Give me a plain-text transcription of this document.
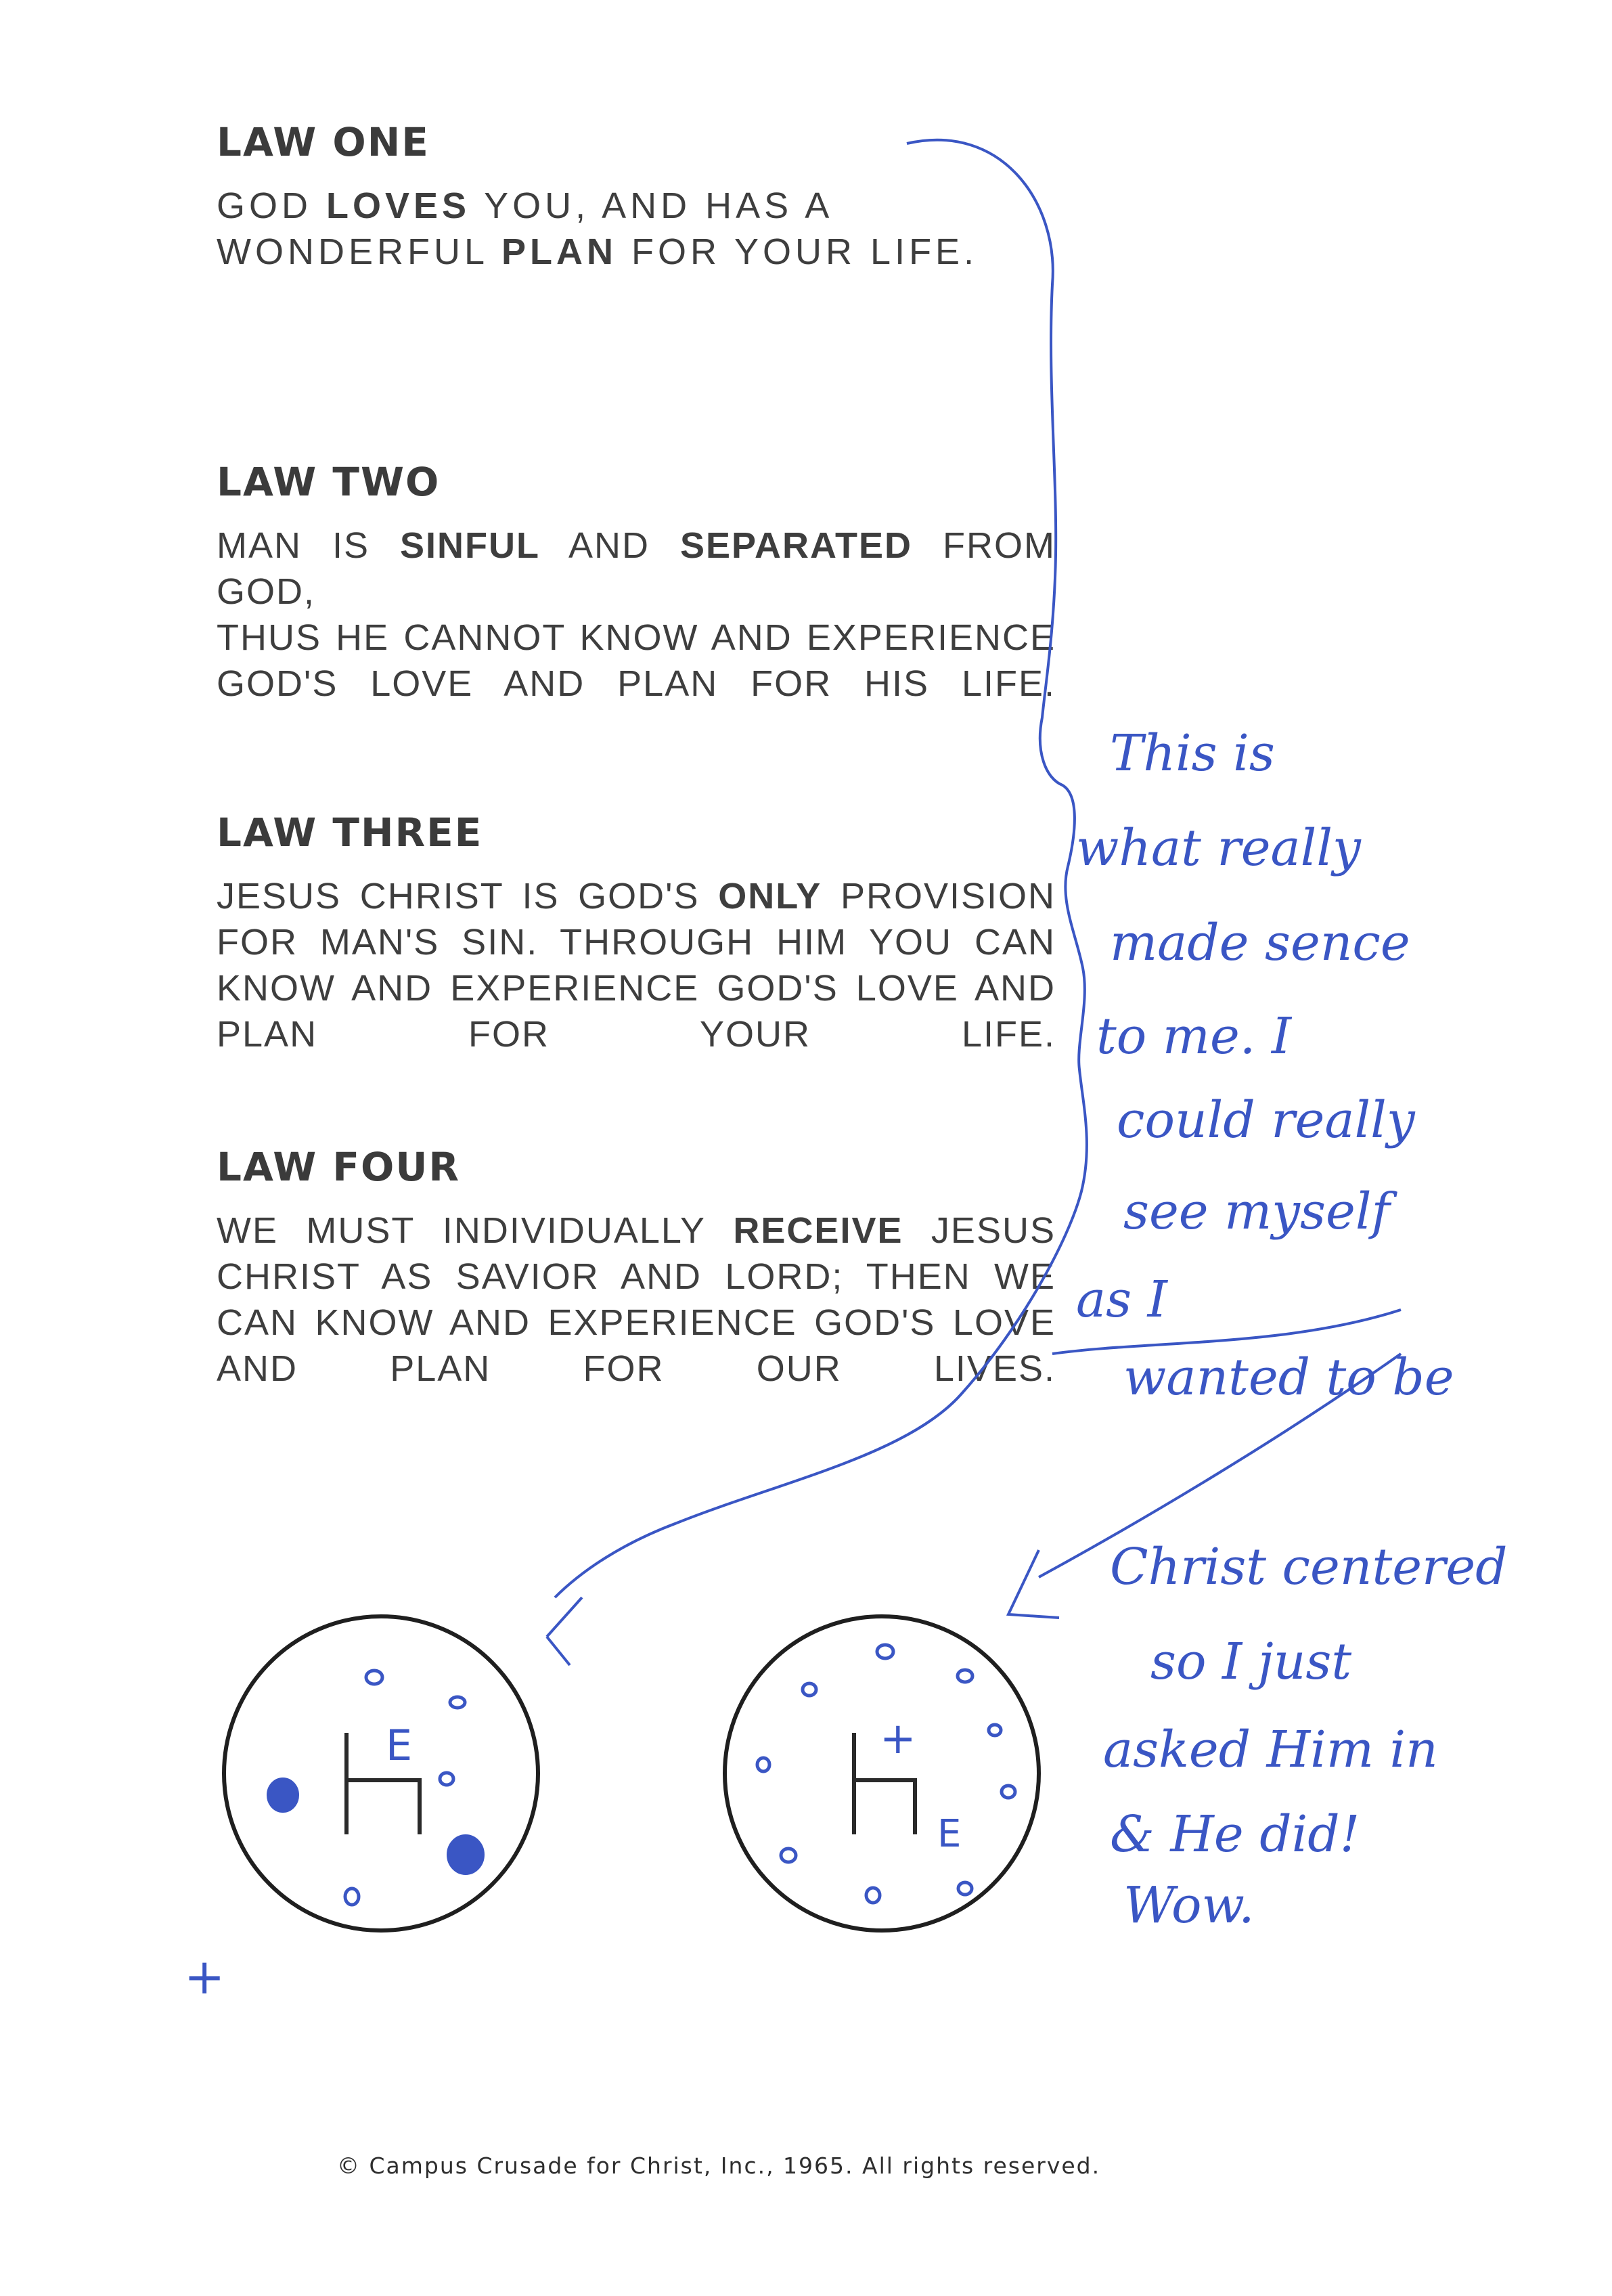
LAW ONE
GOD LOVES YOU, AND HAS A
WONDERFUL PLAN FOR YOUR LIFE.
LAW TWO
MAN IS SINFUL AND SEPARATED FROM GOD,
THUS HE CANNOT KNOW AND EXPERIENCE
GOD'S LOVE AND PLAN FOR HIS LIFE.
LAW THREE
JESUS CHRIST IS GOD'S ONLY PROVISION
FOR MAN'S SIN. THROUGH HIM YOU CAN
KNOW AND EXPERIENCE GOD'S LOVE AND
PLAN FOR YOUR LIFE.
LAW FOUR
WE MUST INDIVIDUALLY RECEIVE JESUS
CHRIST AS SAVIOR AND LORD; THEN WE
CAN KNOW AND EXPERIENCE GOD'S LOVE
AND PLAN FOR OUR LIVES.
This is
what really
made sence
to me. I
could really
see myself
as I
wanted to be
Christ centered
so I just
asked Him in
& He did!
Wow.
+
E	+
E
© Campus Crusade for Christ, Inc., 1965. All rights reserved.
